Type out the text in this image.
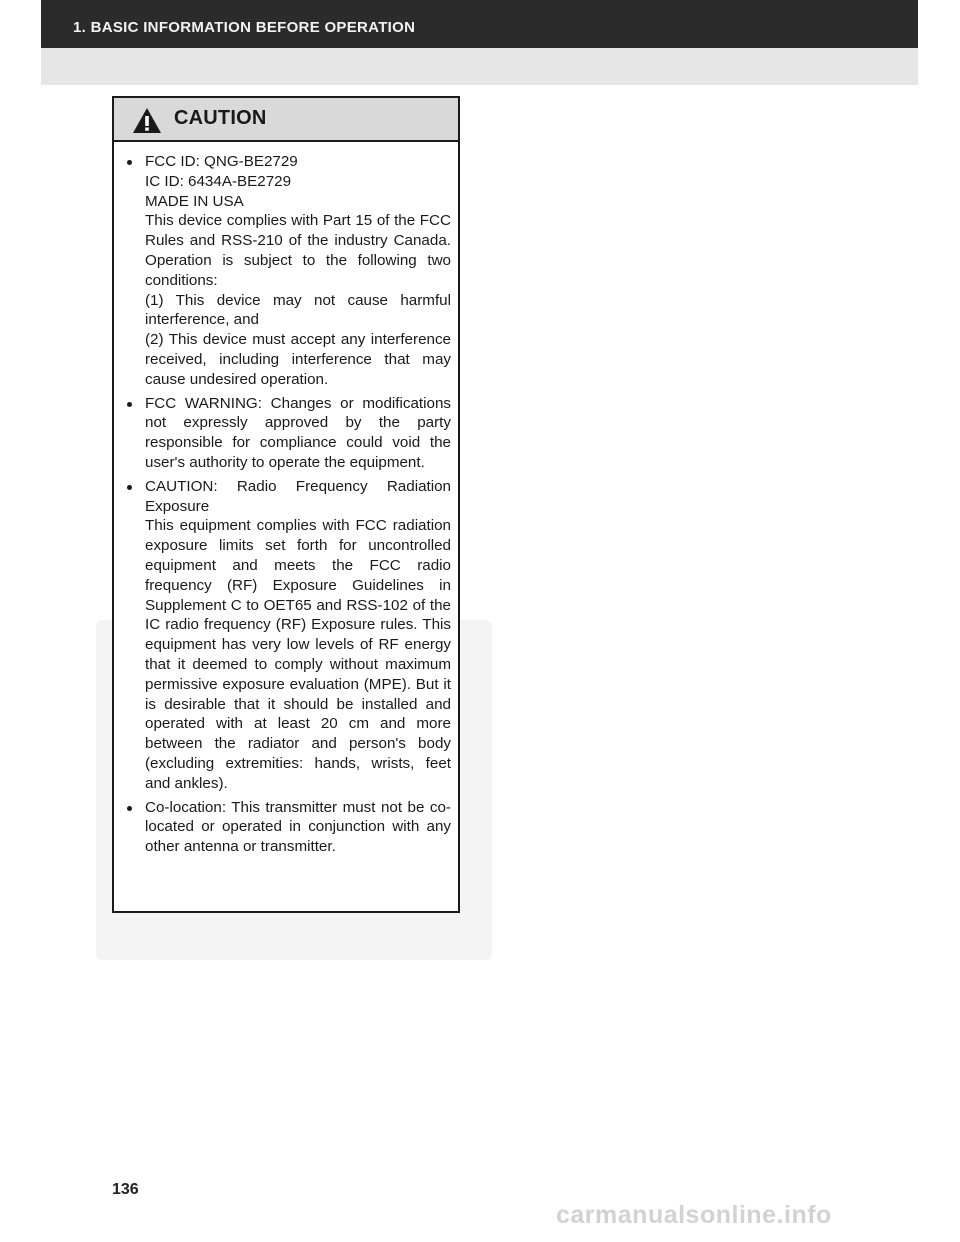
1. BASIC INFORMATION BEFORE OPERATION
CAUTION
FCC ID: QNG-BE2729
IC ID: 6434A-BE2729
MADE IN USA
This device complies with Part 15 of the FCC Rules and RSS-210 of the industry Canada. Operation is subject to the following two conditions:
(1) This device may not cause harmful interference, and
(2) This device must accept any interference received, including interference that may cause undesired operation.
FCC WARNING: Changes or modifications not expressly approved by the party responsible for compliance could void the user's authority to operate the equipment.
CAUTION: Radio Frequency Radiation Exposure
This equipment complies with FCC radiation exposure limits set forth for uncontrolled equipment and meets the FCC radio frequency (RF) Exposure Guidelines in Supplement C to OET65 and RSS-102 of the IC radio frequency (RF) Exposure rules. This equipment has very low levels of RF energy that it deemed to comply without maximum permissive exposure evaluation (MPE). But it is desirable that it should be installed and operated with at least 20 cm and more between the radiator and person's body (excluding extremities: hands, wrists, feet and ankles).
Co-location: This transmitter must not be co-located or operated in conjunction with any other antenna or transmitter.
136
carmanualsonline.info
